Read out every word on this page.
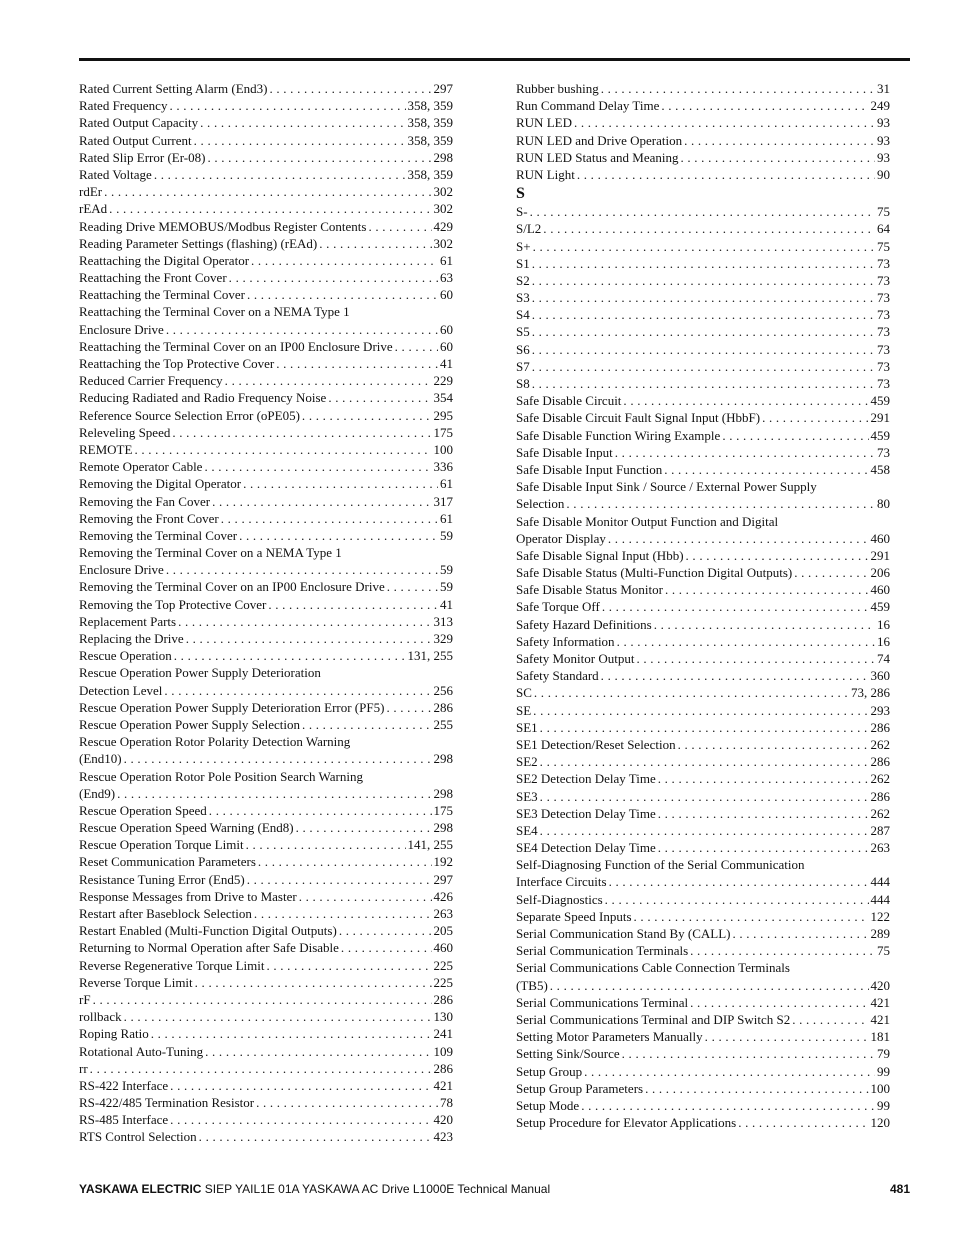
Rated Current Setting Alarm (End3) . . .	297
Rated Frequency . . .	358, 359
Rated Output Capacity . . .	358, 359
Rated Output Current . . .	358, 359
Rated Slip Error (Er-08) . . .	298
Rated Voltage . . .	358, 359
rdEr . . .	302
rEAd . . .	302
Reading Drive MEMOBUS/Modbus Register Contents . . .	429
Reading Parameter Settings (flashing) (rEAd) . . .	302
Reattaching the Digital Operator . . .	61
Reattaching the Front Cover . . .	63
Reattaching the Terminal Cover . . .	60
Reattaching the Terminal Cover on a NEMA Type 1
Enclosure Drive . . .	60
Reattaching the Terminal Cover on an IP00 Enclosure Drive . . .	60
Reattaching the Top Protective Cover . . .	41
Reduced Carrier Frequency . . .	229
Reducing Radiated and Radio Frequency Noise . . .	354
Reference Source Selection Error (oPE05) . . .	295
Releveling Speed . . .	175
REMOTE . . .	100
Remote Operator Cable . . .	336
Removing the Digital Operator . . .	61
Removing the Fan Cover . . .	317
Removing the Front Cover . . .	61
Removing the Terminal Cover . . .	59
Removing the Terminal Cover on a NEMA Type 1
Enclosure Drive . . .	59
Removing the Terminal Cover on an IP00 Enclosure Drive . . .	59
Removing the Top Protective Cover . . .	41
Replacement Parts . . .	313
Replacing the Drive . . .	329
Rescue Operation . . .	131, 255
Rescue Operation Power Supply Deterioration
Detection Level . . .	256
Rescue Operation Power Supply Deterioration Error (PF5) . . .	286
Rescue Operation Power Supply Selection . . .	255
Rescue Operation Rotor Polarity Detection Warning
(End10) . . .	298
Rescue Operation Rotor Pole Position Search Warning
(End9) . . .	298
Rescue Operation Speed . . .	175
Rescue Operation Speed Warning (End8) . . .	298
Rescue Operation Torque Limit . . .	141, 255
Reset Communication Parameters . . .	192
Resistance Tuning Error (End5) . . .	297
Response Messages from Drive to Master . . .	426
Restart after Baseblock Selection . . .	263
Restart Enabled (Multi-Function Digital Outputs) . . .	205
Returning to Normal Operation after Safe Disable . . .	460
Reverse Regenerative Torque Limit . . .	225
Reverse Torque Limit . . .	225
rF . . .	286
rollback . . .	130
Roping Ratio . . .	241
Rotational Auto-Tuning . . .	109
rr . . .	286
RS-422 Interface . . .	421
RS-422/485 Termination Resistor . . .	78
RS-485 Interface . . .	420
RTS Control Selection . . .	423
Rubber bushing . . .	31
Run Command Delay Time . . .	249
RUN LED . . .	93
RUN LED and Drive Operation . . .	93
RUN LED Status and Meaning . . .	93
RUN Light . . .	90
S
S- . . .	75
S/L2 . . .	64
S+ . . .	75
S1 . . .	73
S2 . . .	73
S3 . . .	73
S4 . . .	73
S5 . . .	73
S6 . . .	73
S7 . . .	73
S8 . . .	73
Safe Disable Circuit . . .	459
Safe Disable Circuit Fault Signal Input (HbbF) . . .	291
Safe Disable Function Wiring Example . . .	459
Safe Disable Input . . .	73
Safe Disable Input Function . . .	458
Safe Disable Input Sink / Source / External Power Supply
Selection . . .	80
Safe Disable Monitor Output Function and Digital
Operator Display . . .	460
Safe Disable Signal Input (Hbb) . . .	291
Safe Disable Status (Multi-Function Digital Outputs) . . .	206
Safe Disable Status Monitor . . .	460
Safe Torque Off . . .	459
Safety Hazard Definitions . . .	16
Safety Information . . .	16
Safety Monitor Output . . .	74
Safety Standard . . .	360
SC . . .	73, 286
SE . . .	293
SE1 . . .	286
SE1 Detection/Reset Selection . . .	262
SE2 . . .	286
SE2 Detection Delay Time . . .	262
SE3 . . .	286
SE3 Detection Delay Time . . .	262
SE4 . . .	287
SE4 Detection Delay Time . . .	263
Self-Diagnosing Function of the Serial Communication
Interface Circuits . . .	444
Self-Diagnostics . . .	444
Separate Speed Inputs . . .	122
Serial Communication Stand By (CALL) . . .	289
Serial Communication Terminals . . .	75
Serial Communications Cable Connection Terminals
(TB5) . . .	420
Serial Communications Terminal . . .	421
Serial Communications Terminal and DIP Switch S2 . . .	421
Setting Motor Parameters Manually . . .	181
Setting Sink/Source . . .	79
Setup Group . . .	99
Setup Group Parameters . . .	100
Setup Mode . . .	99
Setup Procedure for Elevator Applications . . .	120
YASKAWA ELECTRIC SIEP YAIL1E 01A YASKAWA AC Drive L1000E Technical Manual	481
